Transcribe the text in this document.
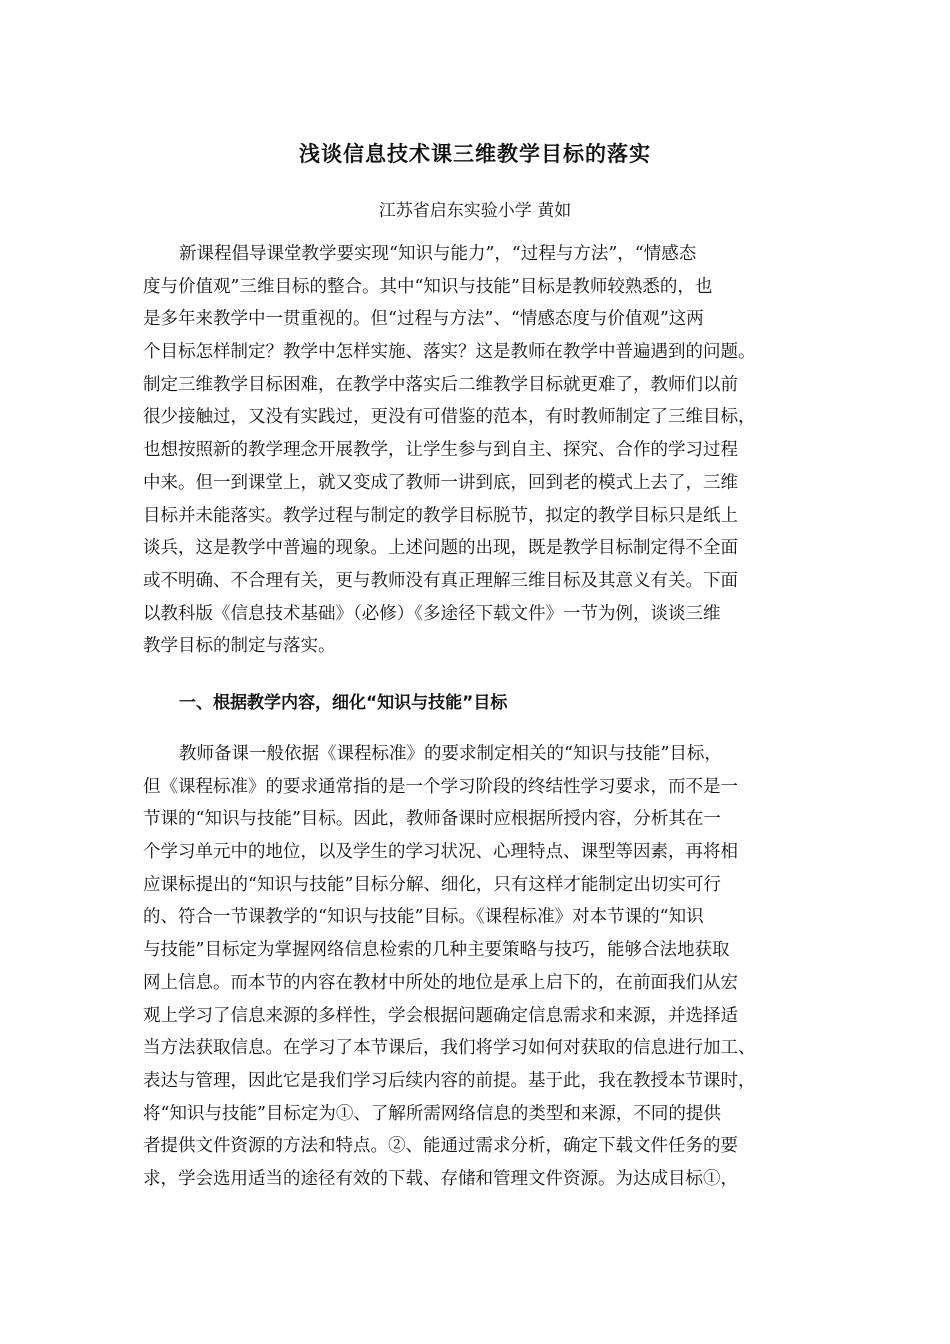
浅谈信息技术课三维教学目标的落实
江苏省启东实验小学 黄如
新课程倡导课堂教学要实现“知识与能力”，“过程与方法”，“情感态
度与价值观”三维目标的整合。其中“知识与技能”目标是教师较熟悉的，也
是多年来教学中一贯重视的。但“过程与方法”、“情感态度与价值观”这两
个目标怎样制定？教学中怎样实施、落实？这是教师在教学中普遍遇到的问题。
制定三维教学目标困难，在教学中落实后二维教学目标就更难了，教师们以前
很少接触过，又没有实践过，更没有可借鉴的范本，有时教师制定了三维目标，
也想按照新的教学理念开展教学，让学生参与到自主、探究、合作的学习过程
中来。但一到课堂上，就又变成了教师一讲到底，回到老的模式上去了，三维
目标并未能落实。教学过程与制定的教学目标脱节，拟定的教学目标只是纸上
谈兵，这是教学中普遍的现象。上述问题的出现，既是教学目标制定得不全面
或不明确、不合理有关，更与教师没有真正理解三维目标及其意义有关。下面
以教科版《信息技术基础》（必修）《多途径下载文件》一节为例，谈谈三维
教学目标的制定与落实。
一、根据教学内容，细化“知识与技能”目标
教师备课一般依据《课程标准》的要求制定相关的“知识与技能”目标，
但《课程标准》的要求通常指的是一个学习阶段的终结性学习要求，而不是一
节课的“知识与技能”目标。因此，教师备课时应根据所授内容，分析其在一
个学习单元中的地位，以及学生的学习状况、心理特点、课型等因素，再将相
应课标提出的“知识与技能”目标分解、细化，只有这样才能制定出切实可行
的、符合一节课教学的“知识与技能”目标。《课程标准》对本节课的“知识
与技能”目标定为掌握网络信息检索的几种主要策略与技巧，能够合法地获取
网上信息。而本节的内容在教材中所处的地位是承上启下的，在前面我们从宏
观上学习了信息来源的多样性，学会根据问题确定信息需求和来源，并选择适
当方法获取信息。在学习了本节课后，我们将学习如何对获取的信息进行加工、
表达与管理，因此它是我们学习后续内容的前提。基于此，我在教授本节课时，
将“知识与技能”目标定为①、了解所需网络信息的类型和来源，不同的提供
者提供文件资源的方法和特点。②、能通过需求分析，确定下载文件任务的要
求，学会选用适当的途径有效的下载、存储和管理文件资源。为达成目标①，
